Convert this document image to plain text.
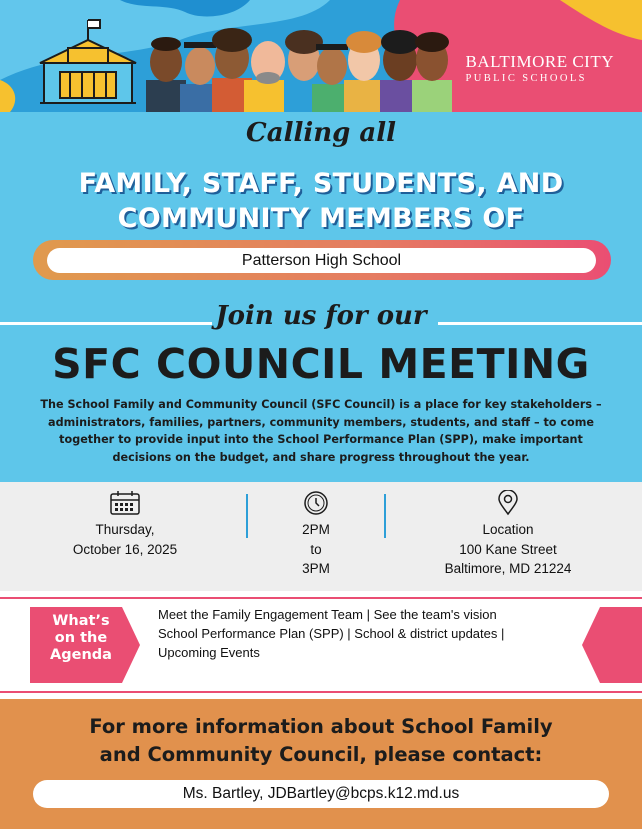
BALTIMORE CITY
PUBLIC SCHOOLS
Calling all
FAMILY, STAFF, STUDENTS, AND
COMMUNITY MEMBERS OF
Patterson High School
Join us for our
SFC COUNCIL MEETING
The School Family and Community Council (SFC Council) is a place for key stakeholders – administrators, families, partners, community members, students, and staff – to come together to provide input into the School Performance Plan (SPP), make important decisions on the budget, and share progress throughout the year.
Thursday,
October 16, 2025
2PM
to
3PM
Location
100 Kane Street
Baltimore, MD 21224
What’s
on the
Agenda
Meet the Family Engagement Team | See the team's vision
School Performance Plan (SPP) | School & district updates |
Upcoming Events
For more information about School Family
and Community Council, please contact:
Ms. Bartley, JDBartley@bcps.k12.md.us
